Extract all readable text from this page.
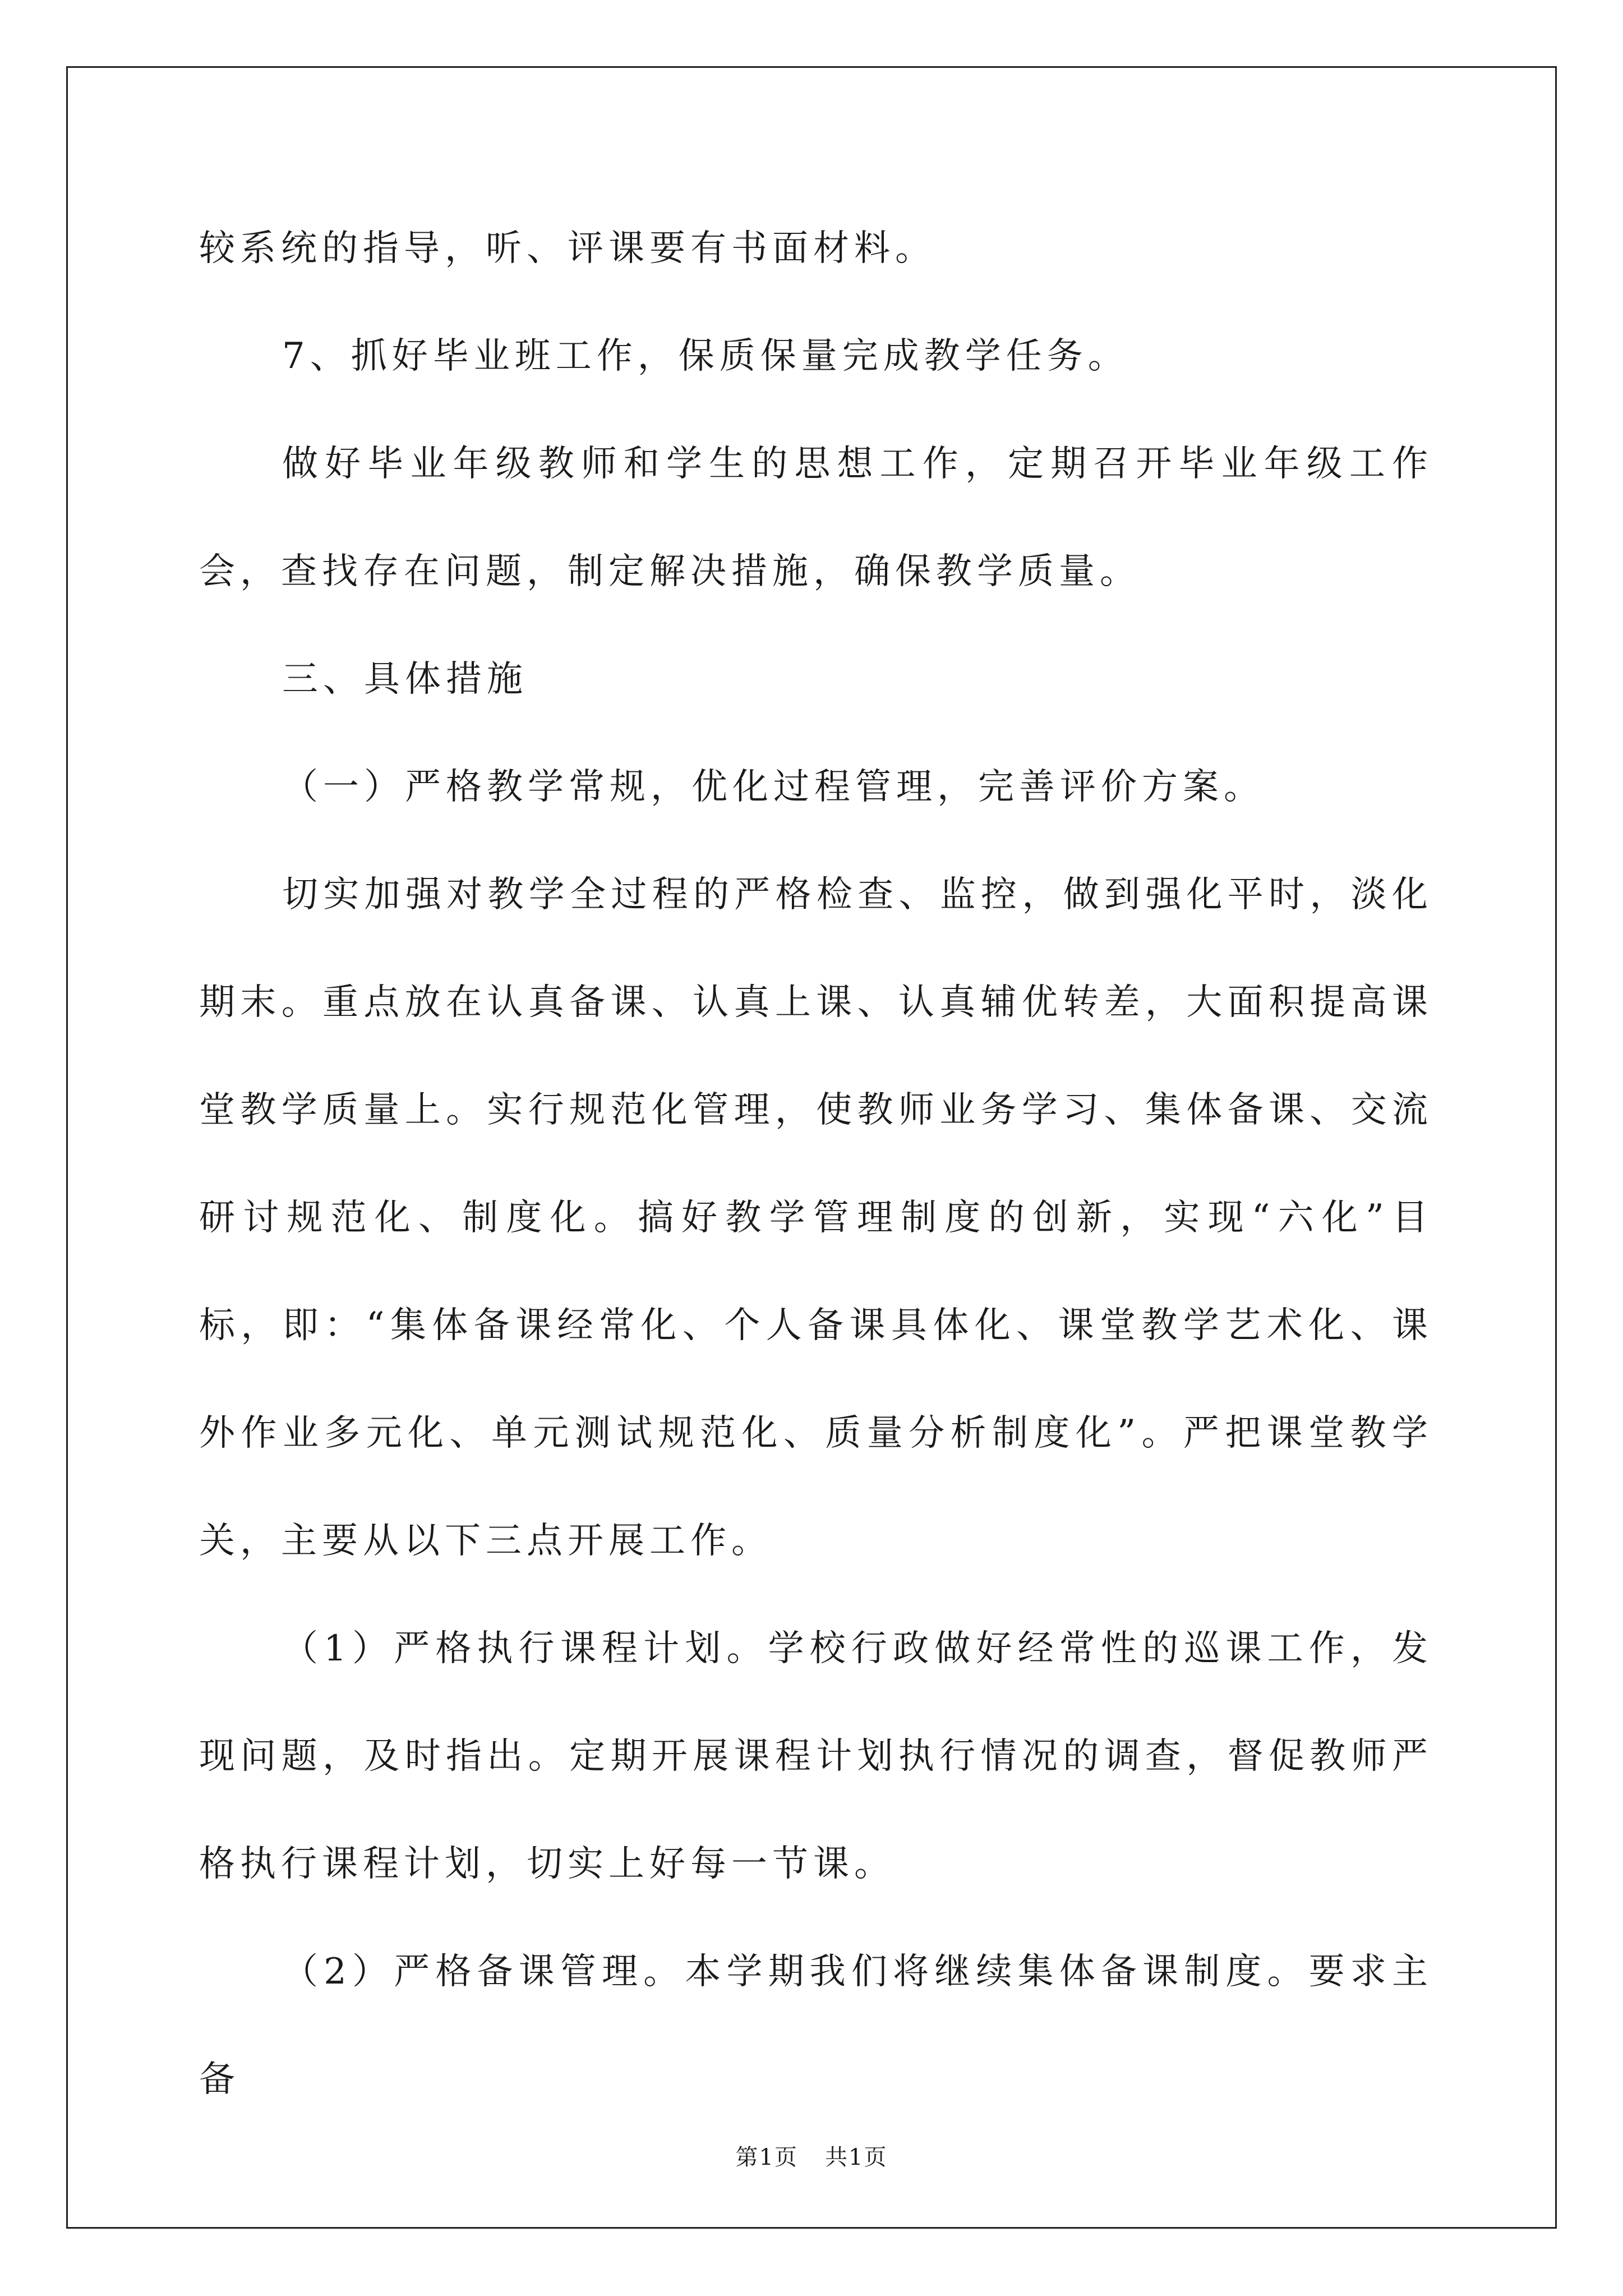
较系统的指导，听、评课要有书面材料。

7、抓好毕业班工作，保质保量完成教学任务。

做好毕业年级教师和学生的思想工作，定期召开毕业年级工作会，查找存在问题，制定解决措施，确保教学质量。

三、具体措施

（一）严格教学常规，优化过程管理，完善评价方案。

切实加强对教学全过程的严格检查、监控，做到强化平时，淡化期末。重点放在认真备课、认真上课、认真辅优转差，大面积提高课堂教学质量上。实行规范化管理，使教师业务学习、集体备课、交流研讨规范化、制度化。搞好教学管理制度的创新，实现“六化”目标，即：“集体备课经常化、个人备课具体化、课堂教学艺术化、课外作业多元化、单元测试规范化、质量分析制度化”。严把课堂教学关，主要从以下三点开展工作。

（1）严格执行课程计划。学校行政做好经常性的巡课工作，发现问题，及时指出。定期开展课程计划执行情况的调查，督促教师严格执行课程计划，切实上好每一节课。

（2）严格备课管理。本学期我们将继续集体备课制度。要求主备

第1页 共1页
